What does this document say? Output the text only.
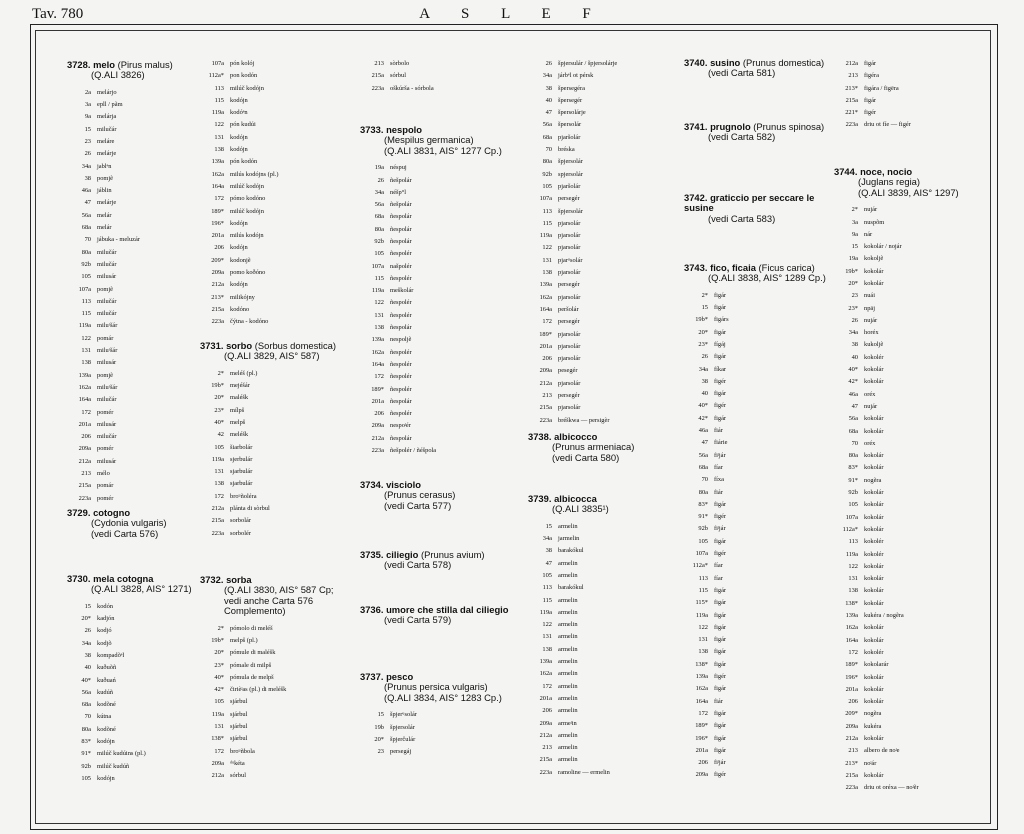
Tav. 780	A S L E F
3728. melo (Pirus malus)
(Q.ALI 3826)
2a melárjo
3a epll / pãm
9a melárja
15 milučár
23 meláre
26 melárje
34a jablᵉn
38 pomjẽ
46a jáblin
47 melárje
56a melár
68a melár
70 jábuka - meluzár
80a milučár
92b milučár
105 milusár
107a pomjẽ
113 milučár
115 milučár
119a miluᵗšár
122 pomár
131 miluᵗšár
138 milusár
139a pomjẽ
162a miluᵗšár
164a milučár
172 pomér
201a milusár
206 milučár
209a pomér
212a milusár
213 mélo
215a pomár
223a pomér
3729. cotogno
(Cydonia vulgaris)
(vedi Carta 576)
3730. mela cotogna
(Q.ALI 3828, AIS° 1271)
15 kodón
20* kadjón
26 kodjó
34a kodjõ
38 kompadõᵉl
40 kuðuõñ
40* kuðuań
56a kudúñ
68a kodõné
70 kútna
80a kodõné
83* kodójn
91* milúč kudúins (pl.)
92b milúč kudúñ
105 kodójn
107a pón kolój
112a* pon kodón
113 milúč kodójn
115 kodójn
119a kodóᵉn
122 pón kudúi
131 kodójn
138 kodójn
139a pón kodón
162a milús kodójns (pl.)
164a milúč kodójn
172 pómo kodóno
189* milúč kodójn
196* kodójn
201a milús kodójn
206 kodójn
209* kodonjẽ
209a pomo koðóno
212a kodójn
213* milikójny
215a kodóno
223a čýtna - kodóno
3731. sorbo (Sorbus domestica)
(Q.ALI 3829, AIS° 587)
2* meléš (pl.)
19b* mejéšár
20* maléšk
23* mílpš
40* melpš
42 meléšk
105 šiarbolár
119a sjerbulár
131 sjarbulár
138 sjarbulár
172 broᵘñoléra
212a plánta di sòrbul
215a sorbolár
223a sorbolér
3732. sorba
(Q.ALI 3830, AIS° 587 Cp; vedi anche Carta 576 Complemento)
2* pómolo di meléš
19b* melpš (pl.)
20* pómule di maléšk
23* pómale di milpš
40* pómula de melpš
42* čirièʲas (pl.) di meléšk
105 sjárbul
119a sjárbul
131 sjárbul
138* sjárbul
172 broᵘñbola
209a ᵈᵘkéta
212a sórbul
213 sòrbolo
215a sórbul
223a oškúrša - sórbola
3733. nespolo
(Mespilus germanica)
(Q.ALI 3831, AIS° 1277 Cp.)
19a néspuj
26 ñešpolár
34a néšp°l
56a ñešpolár
68a ñespolár
80a ñespolár
92b ñespolár
105 ñespolér
107a našpolér
115 ñespolér
119a meškolár
122 ñespolér
131 ñespolér
138 ñespolár
139a nespoljẽ
162a ñespolér
164a ñespolér
172 ñespolér
189* ñespolér
201a ñespolár
206 ñespolér
209a nespoʲér
212a ñespolár
223a ñešpolér / ñéšpola
3734. visciolo
(Prunus cerasus)
(vedi Carta 577)
3735. ciliegio (Prunus avium)
(vedi Carta 578)
3736. umore che stilla dal ciliegio
(vedi Carta 579)
3737. pesco
(Prunus persica vulgaris)
(Q.ALI 3834, AIS° 1283 Cp.)
15 špjerᵘsolár
19b špjersolár
20* špjerčulár
23 persegáj
26 špjersulár / špjersolárje
34a járbᵉl ot pérsk
38 špersegéra
40 špersegér
47 špersolárje
56a špersolár
68a pjaršolár
70 bréska
80a špjersolár
92b spjersolár
105 pjaršolár
107a persegér
113 špjersolár
115 pjarsolár
119a pjarsolár
122 pjarsolár
131 pjarᵘsolár
138 pjarsolár
139a persegér
162a pjarsolár
164a peršolár
172 persegér
189* pjarsolár
201a pjarsolár
206 pjarsolár
209a pesegér
212a pjarsolár
213 persegér
215a pjarsolár
223a bréškwa — persigèr
3738. albicocco
(Prunus armeniaca)
(vedi Carta 580)
3739. albicocca
(Q.ALI 3835¹)
15 armelin
34a jarmelin
38 barakókul
47 armelin
105 armelin
113 barakókul
115 armelin
119a armelin
122 armelin
131 armelin
138 armelin
139a armelin
162a armelin
172 armelin
201a armelin
206 armelin
209a armeʲin
212a armelin
213 armelin
215a armelin
223a ramoline — ermelin
3740. susino (Prunus domestica)
(vedi Carta 581)
3741. prugnolo (Prunus spinosa)
(vedi Carta 582)
3742. graticcio per seccare le susine
(vedi Carta 583)
3743. fico, ficaia (Ficus carica)
(Q.ALI 3838, AIS° 1289 Cp.)
2* figár
15 figár
19b* figárs
20* figár
23* fígáj
26 figár
34a fíkar
38 figér
40 figár
40* figér
42* figár
46a fiár
47 fiárie
56a fiʲjár
68a fíar
70 fíxa
80a fiár
83* figár
91* figér
92b fiʲjár
105 figár
107a figér
112a* fíar
113 fíar
115 figár
115* figár
119a figár
122 figár
131 figár
138 figár
138* figár
139a figér
162a figár
164a fiár
172 figár
189* figár
196* figár
201a figár
206 fiʲjár
209a figér
212a figár
213 figéra
213* figára / figēra
215a figár
221* figér
223a driu ot fíe — figér
3744. noce, nocio
(Juglans regia)
(Q.ALI 3839, AIS° 1297)
2* nujár
3a nuspõm
9a nár
15 kokolár / nojár
19a kokoljẽ
19b* kokolár
20* kokolár
23 nuái
23* npāj
26 nujár
34a horéx
38 kukoljẽ
40 kokolér
40* kokolár
42* kokolár
46a oréx
47 nujár
56a kokolár
68a kokolár
70 oréx
80a kokolár
83* kokolár
91* nogẽra
92b kokolár
105 kokolár
107a kokolár
112a* kokolár
113 kokolér
119a kokolér
122 kokolár
131 kokolár
138 kokolár
138* kokolár
139a kukéra / nogẽra
162a kokolár
164a kokolár
172 kokolér
189* kokolarár
196* kokolár
201a kokolár
206 kokolár
209* nogẽra
209a kukéra
212a kokolár
213 albero de noʲe
213* noʲár
215a kokolár
223a driu ot oréxa — noʲẽr
